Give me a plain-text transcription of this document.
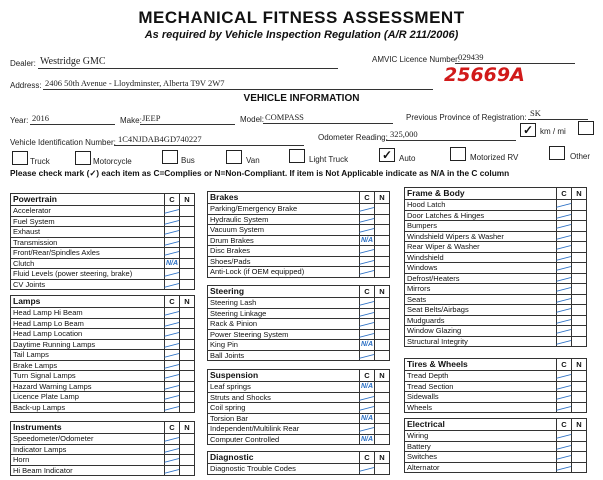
MECHANICAL FITNESS ASSESSMENT
As required by Vehicle Inspection Regulation (A/R 211/2006)
Dealer: Westridge GMC	AMVIC Licence Number:
029439
25669A
Address: 2406 50th Avenue - Lloydminster, Alberta T9V 2W7
VEHICLE INFORMATION
Year: 2016	Make: JEEP	Model: COMPASS	Previous Province of Registration: SK
Vehicle Identification Number: 1C4NJDAB4GD740227	Odometer Reading: 325,000	✓ km / mi
Truck	Motorcycle	Bus	Van	Light Truck	✓ Auto	Motorized RV	Other
Please check mark (✓) each item as C=Complies or N=Non-Compliant. If item is Not Applicable indicate as N/A in the C column
Powertrain	C	N
Accelerator		
Fuel System		
Exhaust		
Transmission		
Front/Rear/Spindles Axles		
Clutch	N/A	
Fluid Levels (power steering, brake)		
CV Joints		
Lamps	C	N
Head Lamp Hi Beam		
Head Lamp Lo Beam		
Head Lamp Location		
Daytime Running Lamps		
Tail Lamps		
Brake Lamps		
Turn Signal Lamps		
Hazard Warning Lamps		
Licence Plate Lamp		
Back-up Lamps		
Instruments	C	N
Speedometer/Odometer		
Indicator Lamps		
Horn		
Hi Beam Indicator		
Brakes	C	N
Parking/Emergency Brake		
Hydraulic System		
Vacuum System		
Drum Brakes	N/A	
Disc Brakes		
Shoes/Pads		
Anti-Lock (if OEM equipped)		
Steering	C	N
Steering Lash		
Steering Linkage		
Rack & Pinion		
Power Steering System		
King Pin	N/A	
Ball Joints		
Suspension	C	N
Leaf springs	N/A	
Struts and Shocks		
Coil spring		
Torsion Bar	N/A	
Independent/Multilink Rear		
Computer Controlled	N/A	
Diagnostic	C	N
Diagnostic Trouble Codes		
Frame & Body	C	N
Hood Latch		
Door Latches & Hinges		
Bumpers		
Windshield Wipers & Washer		
Rear Wiper & Washer		
Windshield		
Windows		
Defrost/Heaters		
Mirrors		
Seats		
Seat Belts/Airbags		
Mudguards		
Window Glazing		
Structural Integrity		
Tires & Wheels	C	N
Tread Depth		
Tread Section		
Sidewalls		
Wheels		
Electrical	C	N
Wiring		
Battery		
Switches		
Alternator		
